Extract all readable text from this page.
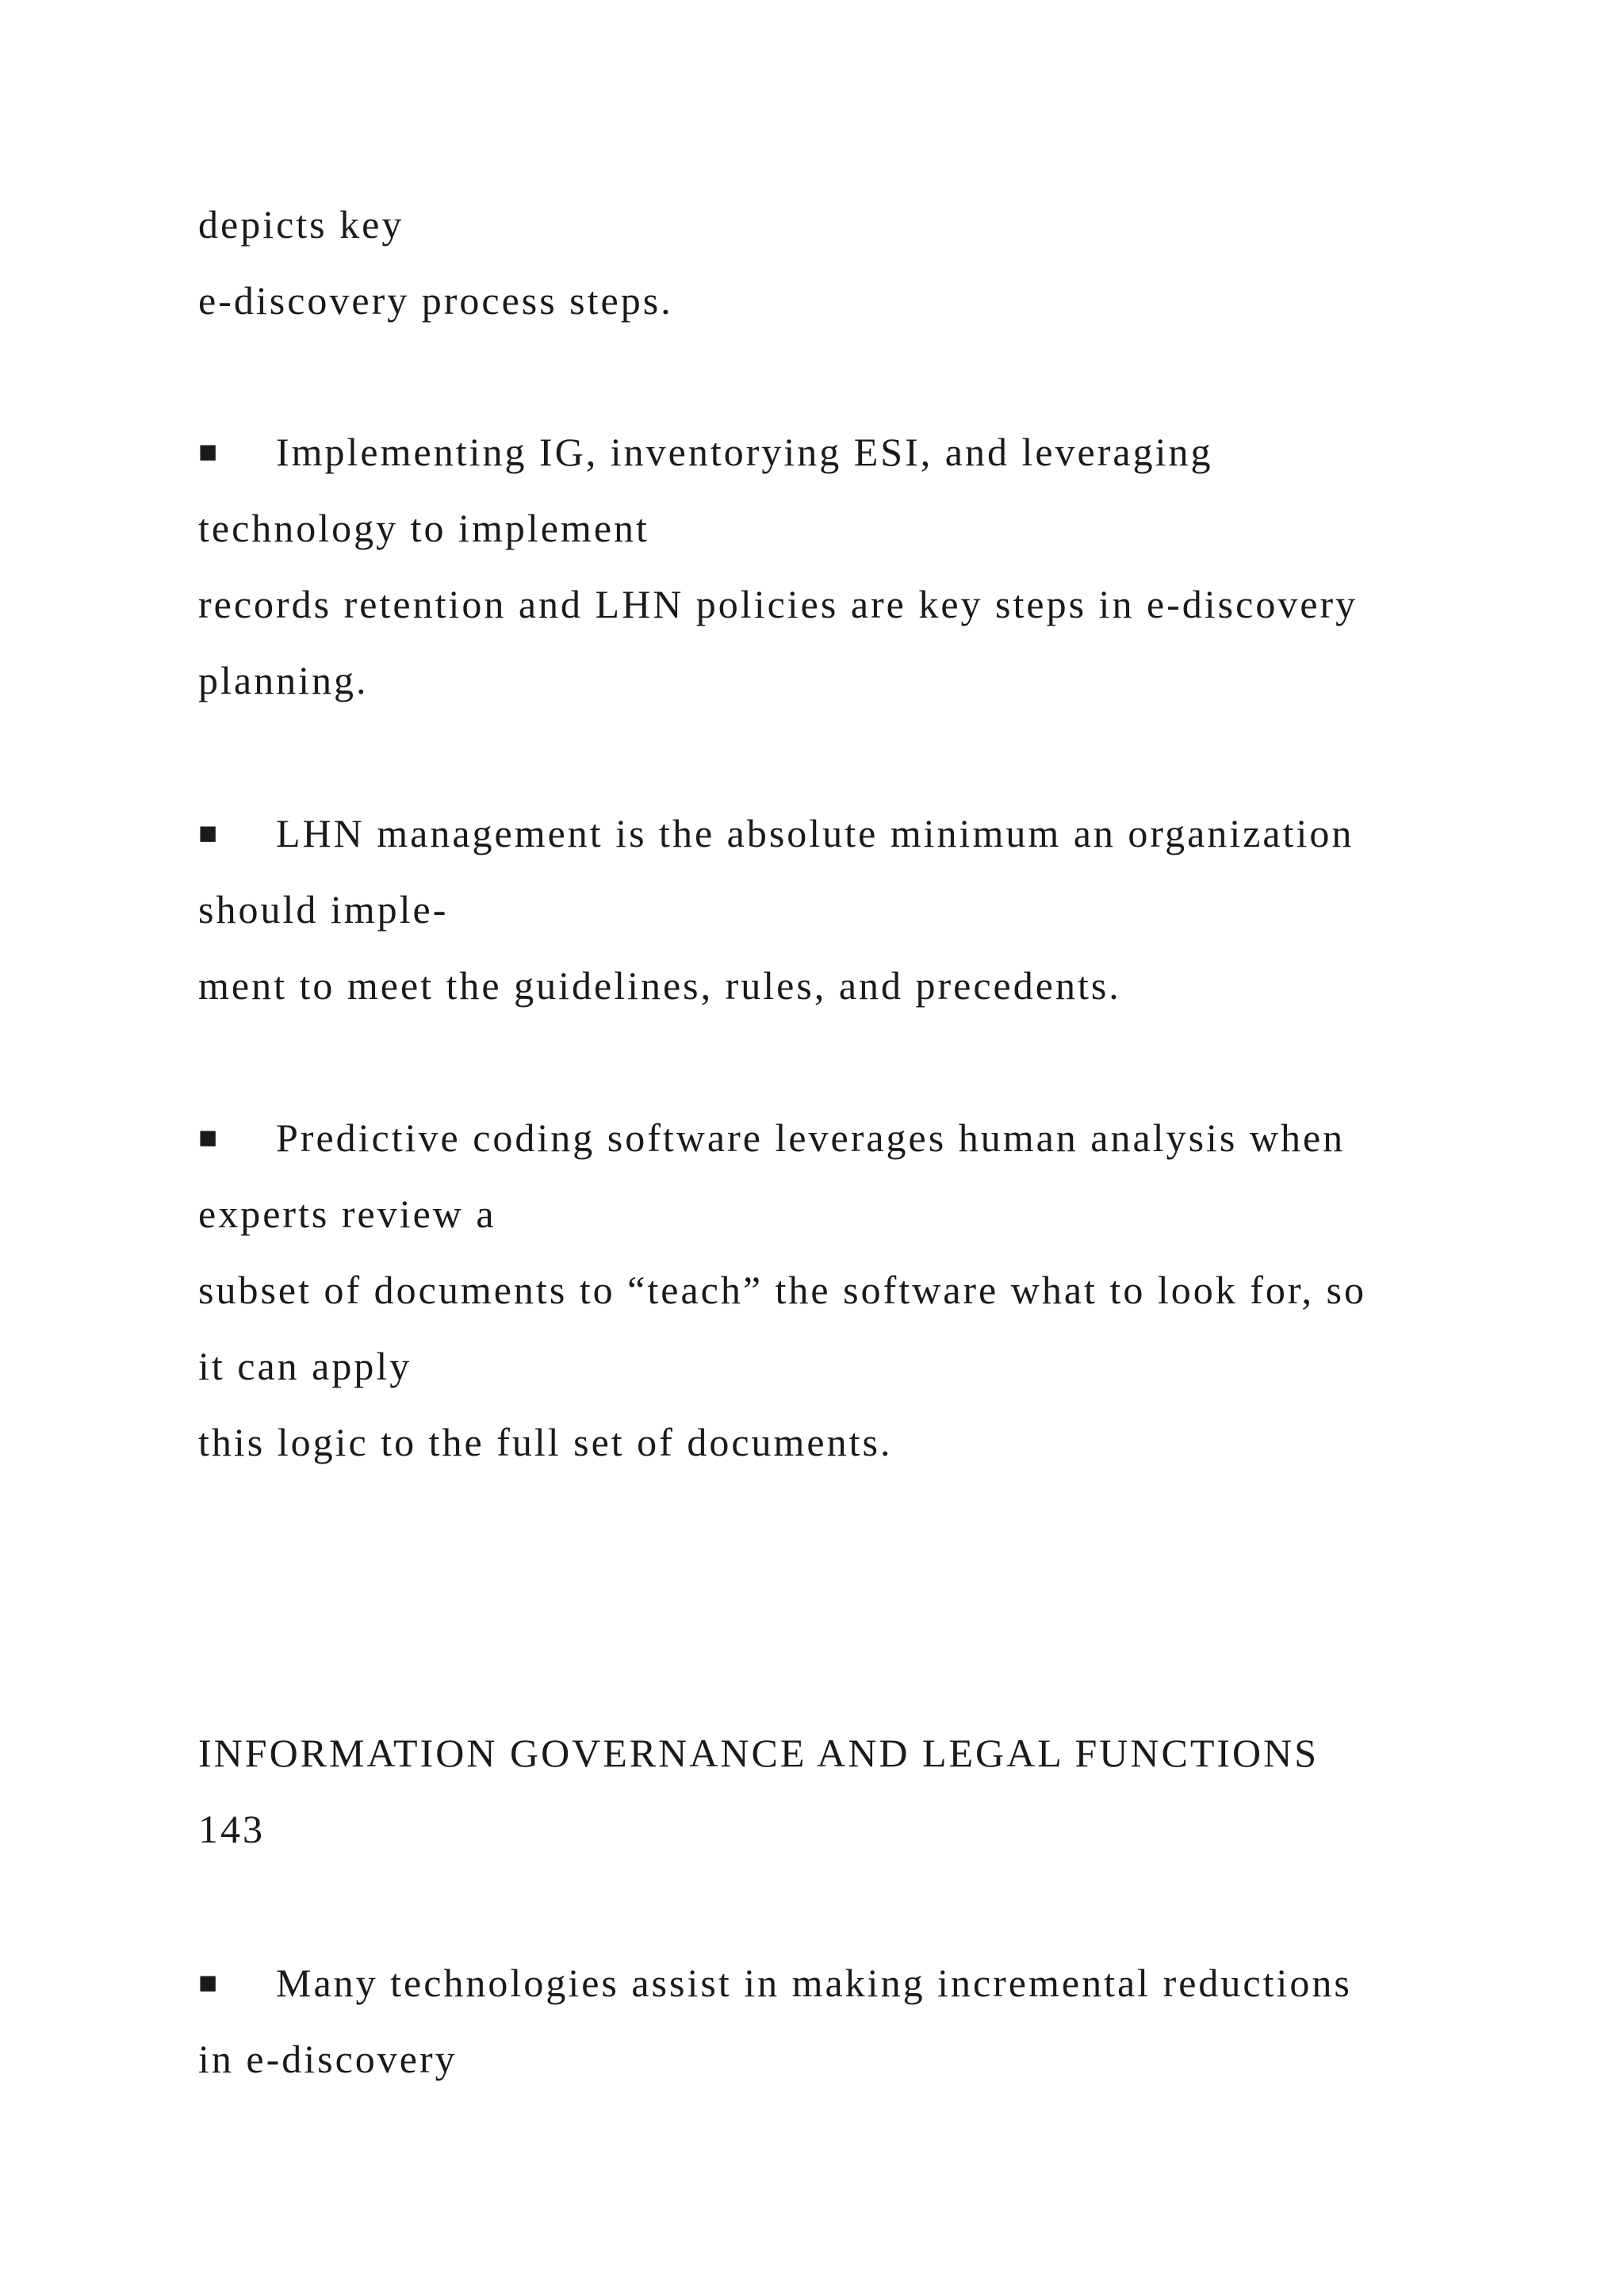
depicts key

e-discovery process steps.

■ Implementing IG, inventorying ESI, and leveraging

technology to implement

records retention and LHN policies are key steps in e-discovery

planning.

■ LHN management is the absolute minimum an organization

should imple-

ment to meet the guidelines, rules, and precedents.

■ Predictive coding software leverages human analysis when

experts review a

subset of documents to “teach” the software what to look for, so

it can apply

this logic to the full set of documents.

INFORMATION GOVERNANCE AND LEGAL FUNCTIONS

143

■ Many technologies assist in making incremental reductions

in e-discovery
